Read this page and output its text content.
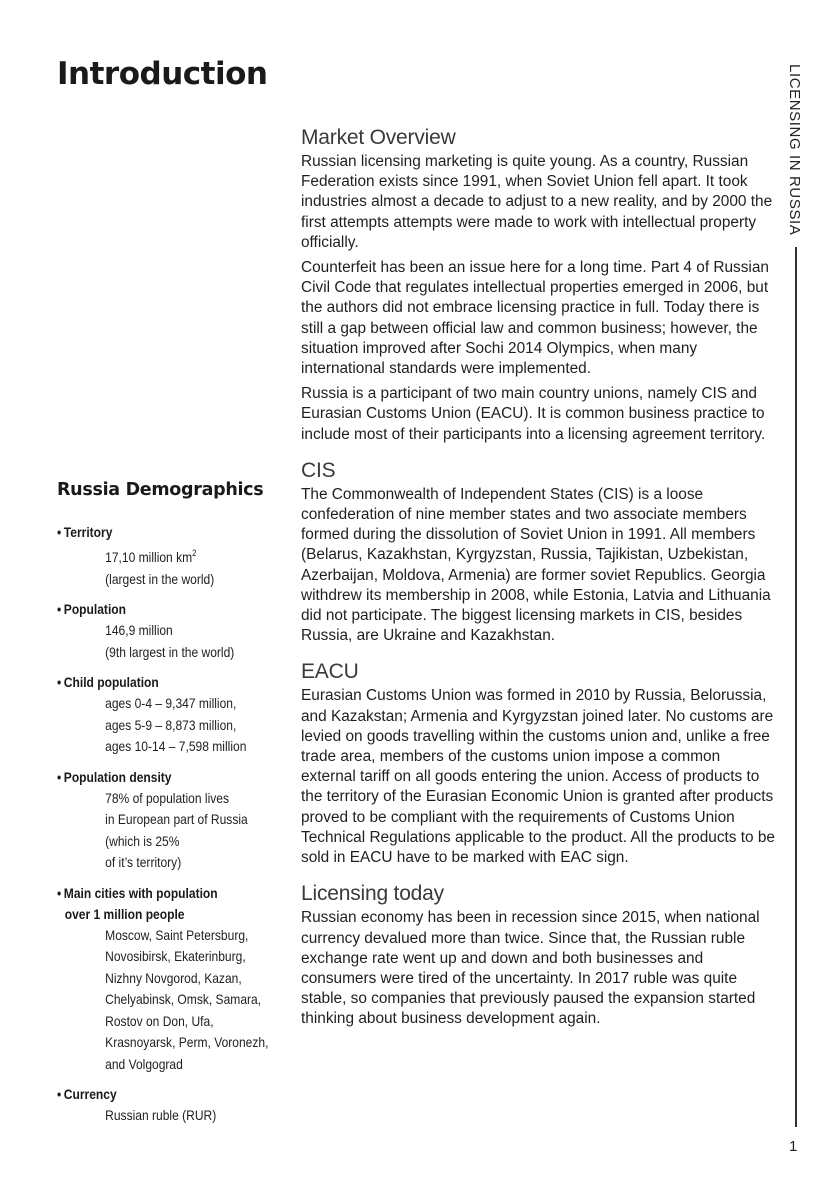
Introduction	LICENSING IN RUSSIA
1
Market Overview

Russian licensing marketing is quite young. As a country, Russian Federation exists since 1991, when Soviet Union fell apart. It took industries almost a decade to adjust to a new reality, and by 2000 the first attempts attempts were made to work with intellectual property officially.

Counterfeit has been an issue here for a long time. Part 4 of Russian Civil Code that regulates intellectual properties emerged in 2006, but the authors did not embrace licensing practice in full. Today there is still a gap between official law and common business; however, the situation improved after Sochi 2014 Olympics, when many international standards were implemented.

Russia is a participant of two main country unions, namely CIS and Eurasian Customs Union (EACU). It is common business practice to include most of their participants into a licensing agreement territory.

CIS

The Commonwealth of Independent States (CIS) is a loose confederation of nine member states and two associate members formed during the dissolution of Soviet Union in 1991. All members (Belarus, Kazakhstan, Kyrgyzstan, Russia, Tajikistan, Uzbekistan, Azerbaijan, Moldova, Armenia) are former soviet Republics. Georgia withdrew its membership in 2008, while Estonia, Latvia and Lithuania did not participate. The biggest licensing markets in CIS, besides Russia, are Ukraine and Kazakhstan.

EACU

Eurasian Customs Union was formed in 2010 by Russia, Belorussia, and Kazakstan; Armenia and Kyrgyzstan joined later. No customs are levied on goods travelling within the customs union and, unlike a free trade area, members of the customs union impose a common external tariff on all goods entering the union. Access of products to the territory of the Eurasian Economic Union is granted after products proved to be compliant with the requirements of Customs Union Technical Regulations applicable to the product. All the products to be sold in EACU have to be marked with EAC sign.

Licensing today

Russian economy has been in recession since 2015, when national currency devalued more than twice. Since that, the Russian ruble exchange rate went up and down and both businesses and consumers were tired of the uncertainty. In 2017 ruble was quite stable, so companies that previously paused the expansion started thinking about business development again.

Russia Demographics
• Territory
17,10 million $km^2$
(largest in the world)
• Population
146,9 million
(9th largest in the world)
• Child population
ages 0-4 – 9,347 million,
ages 5-9 – 8,873 million,
ages 10-14 – 7,598 million
• Population density
78% of population lives
in European part of Russia
(which is 25%
of it’s territory)
• Main cities with population
over 1 million people
Moscow, Saint Petersburg,
Novosibirsk, Ekaterinburg,
Nizhny Novgorod, Kazan,
Chelyabinsk, Omsk, Samara,
Rostov on Don, Ufa,
Krasnoyarsk, Perm, Voronezh,
and Volgograd
• Currency
Russian ruble (RUR)
